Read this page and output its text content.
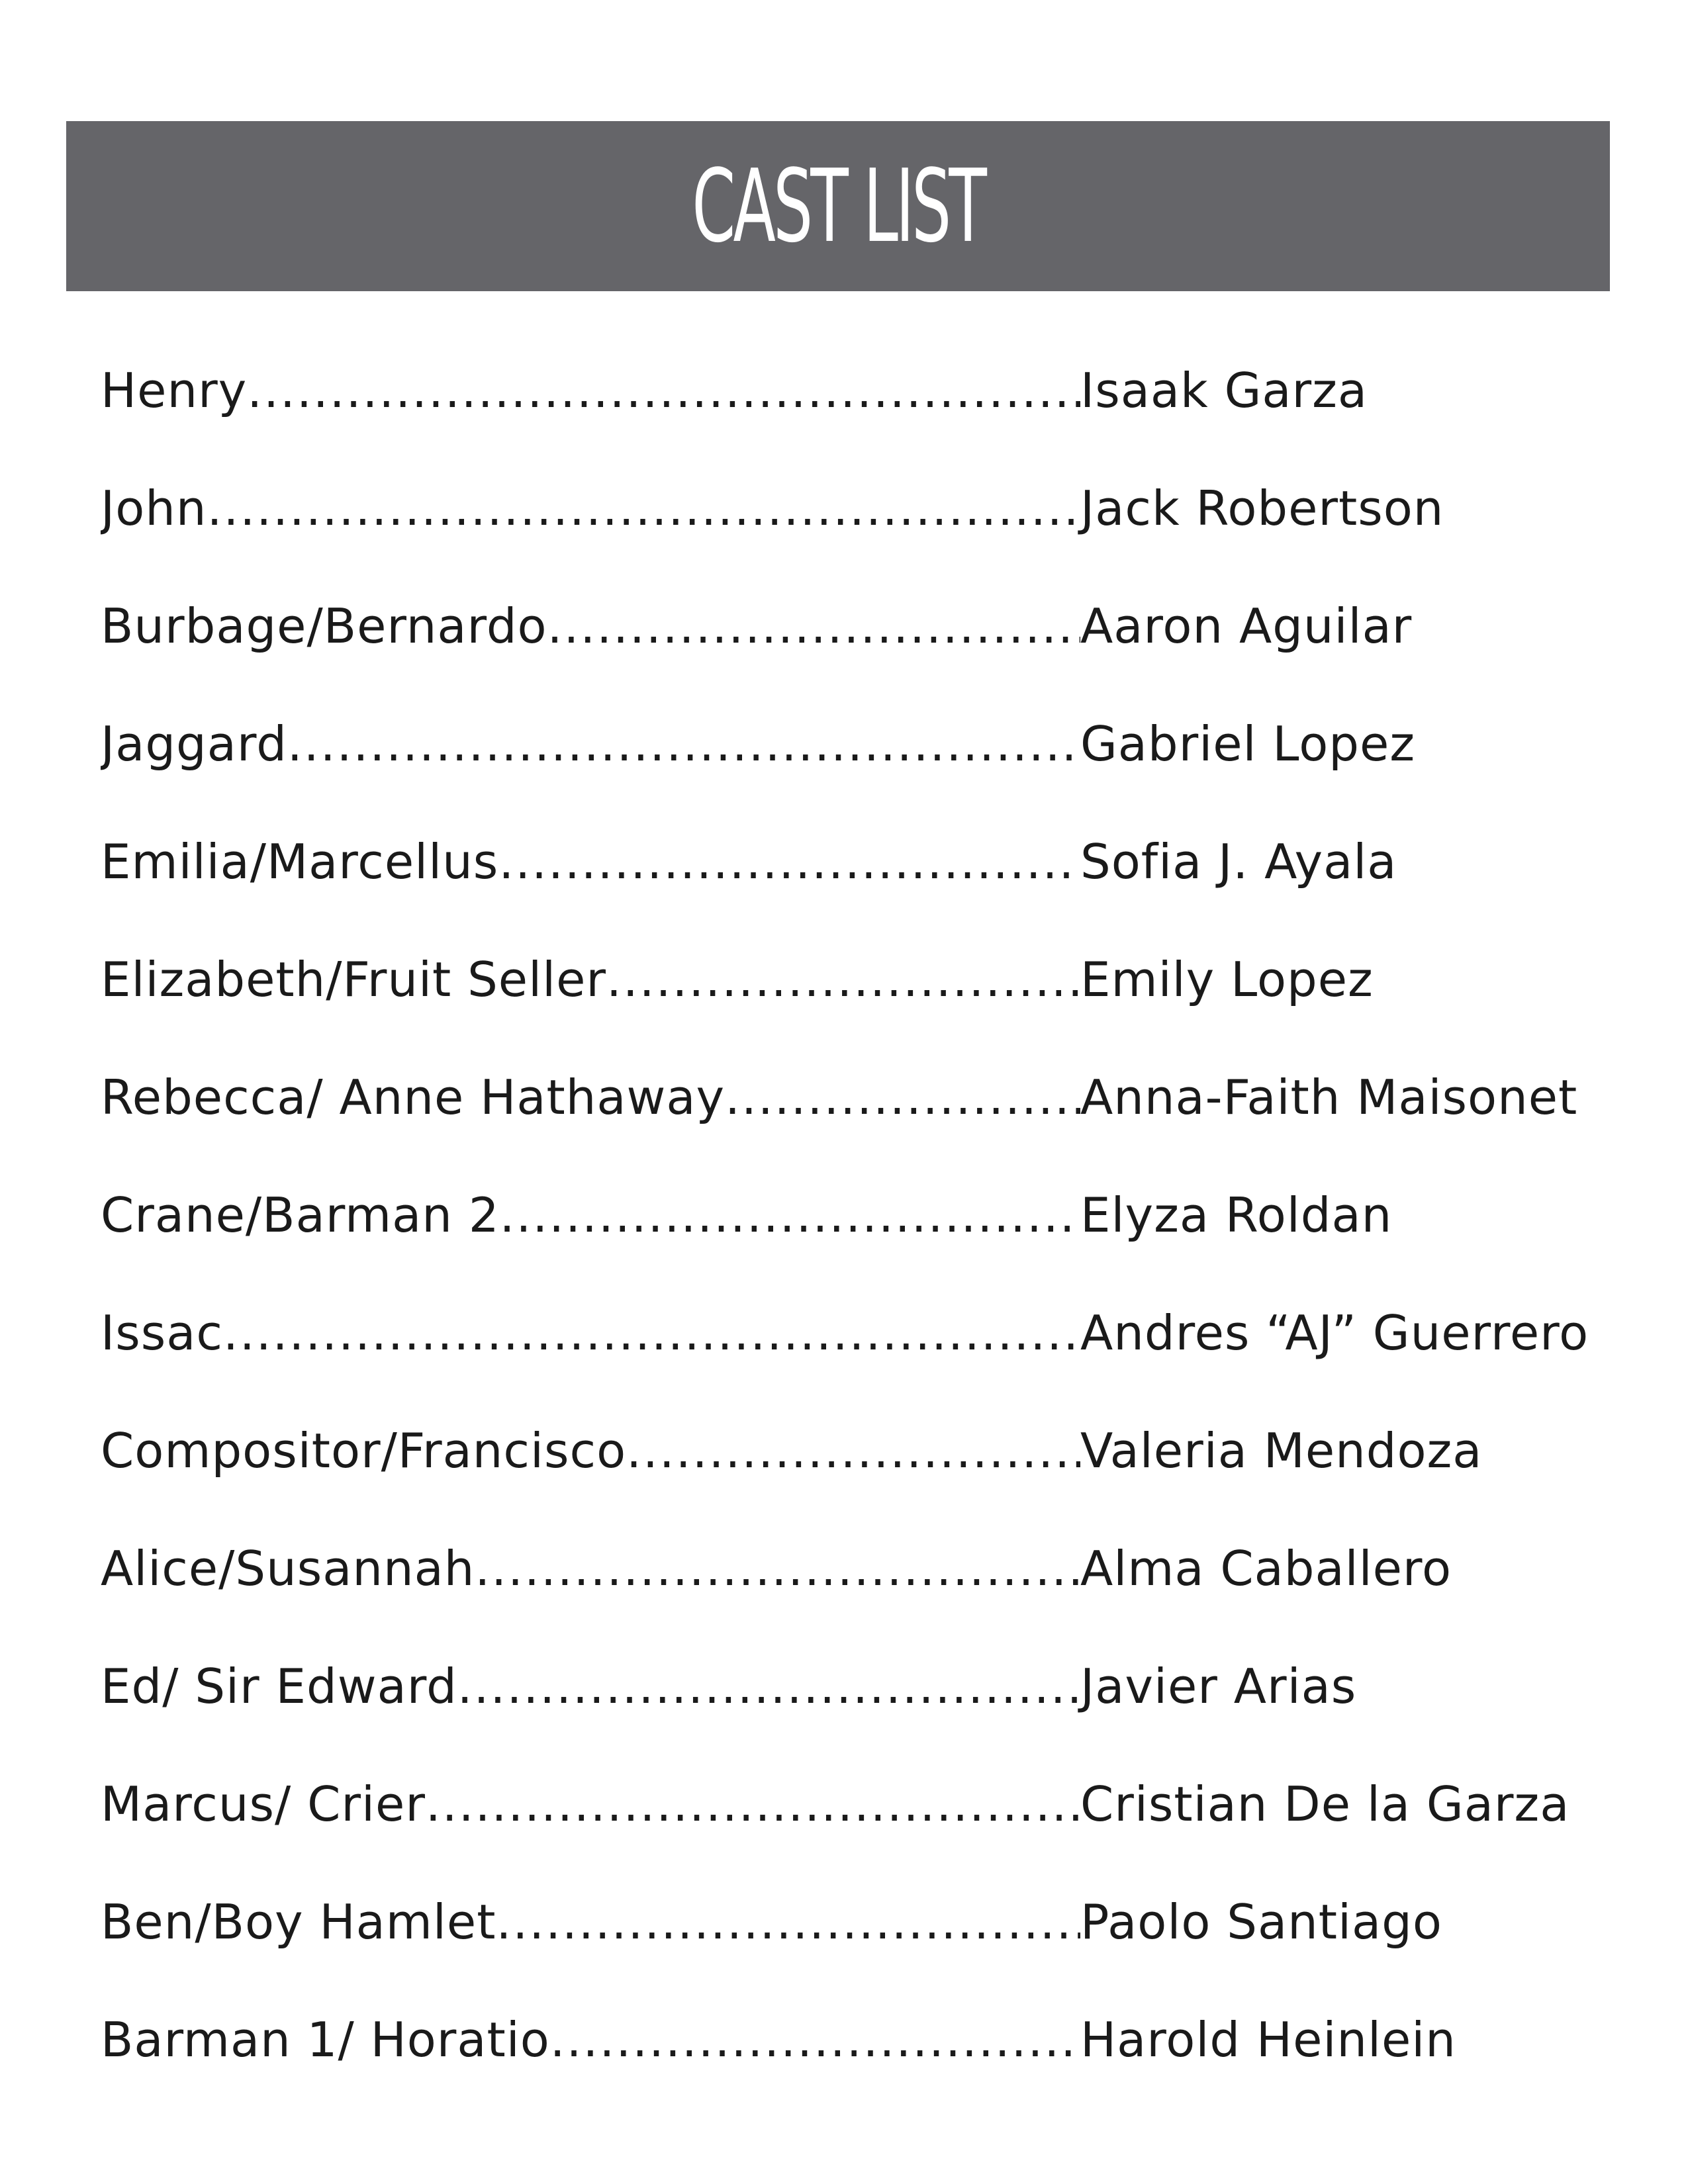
CAST LIST
Henry .....	Isaak Garza
John .....	Jack Robertson
Burbage/Bernardo .....	Aaron Aguilar
Jaggard .....	Gabriel Lopez
Emilia/Marcellus .....	Sofia J. Ayala
Elizabeth/Fruit Seller .....	Emily Lopez
Rebecca/ Anne Hathaway .....	Anna-Faith Maisonet
Crane/Barman 2 .....	Elyza Roldan
Issac .....	Andres “AJ” Guerrero
Compositor/Francisco .....	Valeria Mendoza
Alice/Susannah .....	Alma Caballero
Ed/ Sir Edward .....	Javier Arias
Marcus/ Crier .....	Cristian De la Garza
Ben/Boy Hamlet .....	Paolo Santiago
Barman 1/ Horatio .....	Harold Heinlein
